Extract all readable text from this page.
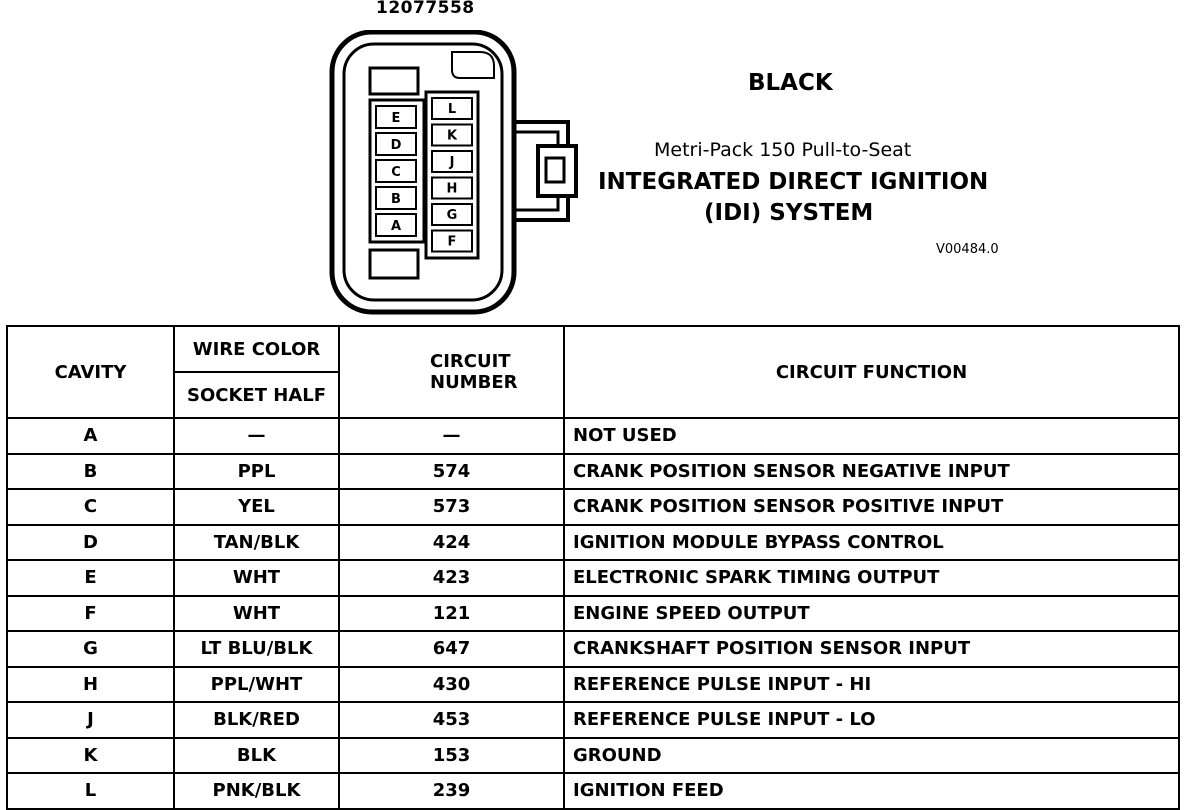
12077558
E
D
C
B
A
L
K
J
H
G
F
BLACK
Metri-Pack 150 Pull-to-Seat
INTEGRATED DIRECT IGNITION
(IDI) SYSTEM
V00484.0
CAVITY	WIRE COLOR	CIRCUIT NUMBER	CIRCUIT FUNCTION
	SOCKET HALF		
A	—	—	NOT USED
B	PPL	574	CRANK POSITION SENSOR NEGATIVE INPUT
C	YEL	573	CRANK POSITION SENSOR POSITIVE INPUT
D	TAN/BLK	424	IGNITION MODULE BYPASS CONTROL
E	WHT	423	ELECTRONIC SPARK TIMING OUTPUT
F	WHT	121	ENGINE SPEED OUTPUT
G	LT BLU/BLK	647	CRANKSHAFT POSITION SENSOR INPUT
H	PPL/WHT	430	REFERENCE PULSE INPUT - HI
J	BLK/RED	453	REFERENCE PULSE INPUT - LO
K	BLK	153	GROUND
L	PNK/BLK	239	IGNITION FEED
